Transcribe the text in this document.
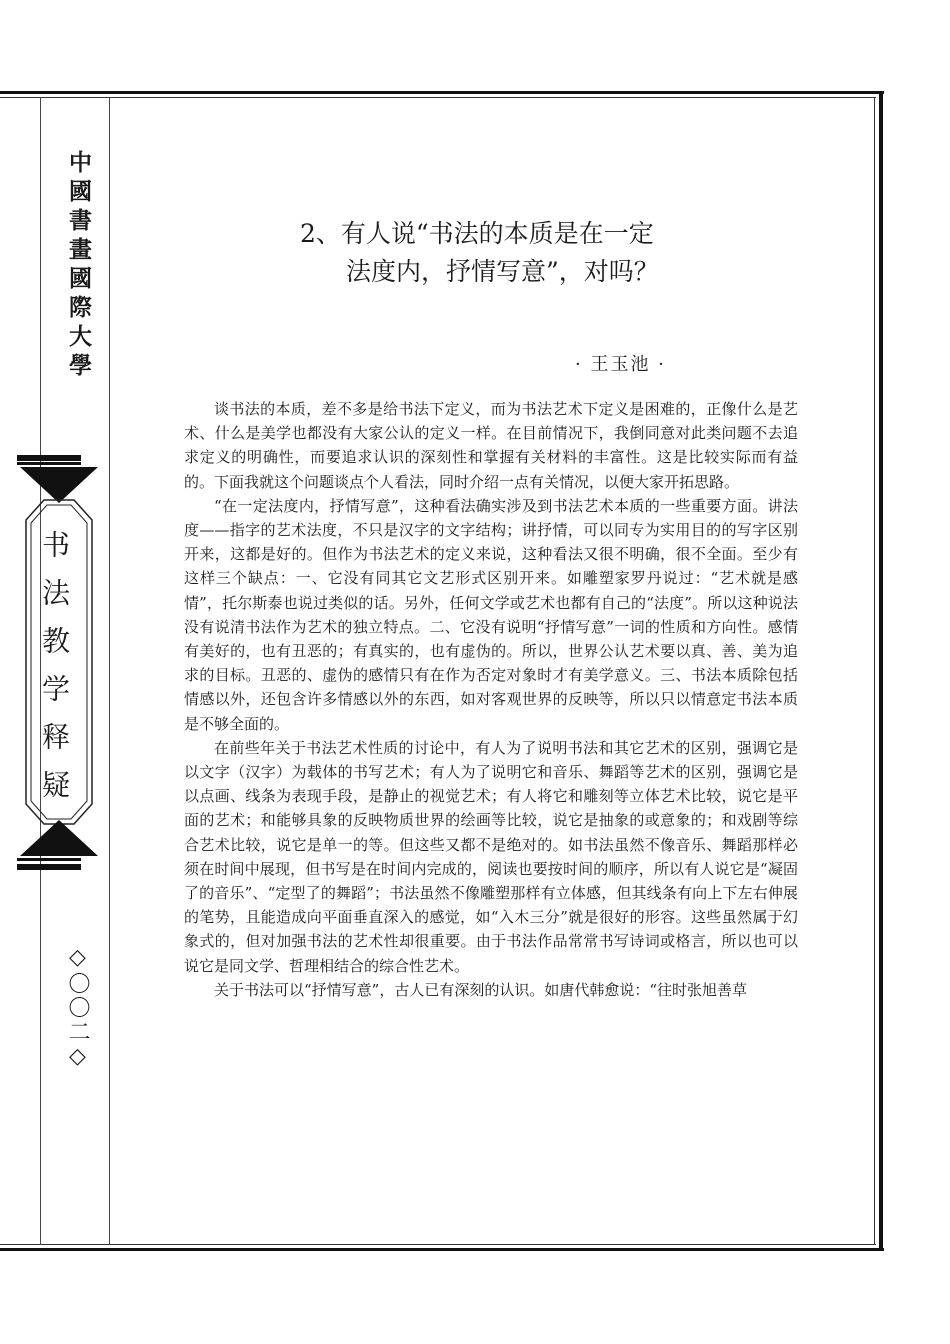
中國書畫國際大學
书法教学释疑
◇〇〇二◇
2、有人说“书法的本质是在一定
法度内，抒情写意”，对吗？
· 王玉池 ·

谈书法的本质，差不多是给书法下定义，而为书法艺术下定义是困难的，正像什么是艺术、什么是美学也都没有大家公认的定义一样。在目前情况下，我倒同意对此类问题不去追求定义的明确性，而要追求认识的深刻性和掌握有关材料的丰富性。这是比较实际而有益的。下面我就这个问题谈点个人看法，同时介绍一点有关情况，以便大家开拓思路。

“在一定法度内，抒情写意”，这种看法确实涉及到书法艺术本质的一些重要方面。讲法度——指字的艺术法度，不只是汉字的文字结构；讲抒情，可以同专为实用目的的写字区别开来，这都是好的。但作为书法艺术的定义来说，这种看法又很不明确，很不全面。至少有这样三个缺点：一、它没有同其它文艺形式区别开来。如雕塑家罗丹说过：“艺术就是感情”，托尔斯泰也说过类似的话。另外，任何文学或艺术也都有自己的“法度”。所以这种说法没有说清书法作为艺术的独立特点。二、它没有说明“抒情写意”一词的性质和方向性。感情有美好的，也有丑恶的；有真实的，也有虚伪的。所以，世界公认艺术要以真、善、美为追求的目标。丑恶的、虚伪的感情只有在作为否定对象时才有美学意义。三、书法本质除包括情感以外，还包含许多情感以外的东西，如对客观世界的反映等，所以只以情意定书法本质是不够全面的。

在前些年关于书法艺术性质的讨论中，有人为了说明书法和其它艺术的区别，强调它是以文字（汉字）为载体的书写艺术；有人为了说明它和音乐、舞蹈等艺术的区别，强调它是以点画、线条为表现手段，是静止的视觉艺术；有人将它和雕刻等立体艺术比较，说它是平面的艺术；和能够具象的反映物质世界的绘画等比较，说它是抽象的或意象的；和戏剧等综合艺术比较，说它是单一的等。但这些又都不是绝对的。如书法虽然不像音乐、舞蹈那样必须在时间中展现，但书写是在时间内完成的，阅读也要按时间的顺序，所以有人说它是“凝固了的音乐”、“定型了的舞蹈”；书法虽然不像雕塑那样有立体感，但其线条有向上下左右伸展的笔势，且能造成向平面垂直深入的感觉，如“入木三分”就是很好的形容。这些虽然属于幻象式的，但对加强书法的艺术性却很重要。由于书法作品常常书写诗词或格言，所以也可以说它是同文学、哲理相结合的综合性艺术。

关于书法可以“抒情写意”，古人已有深刻的认识。如唐代韩愈说：“往时张旭善草
